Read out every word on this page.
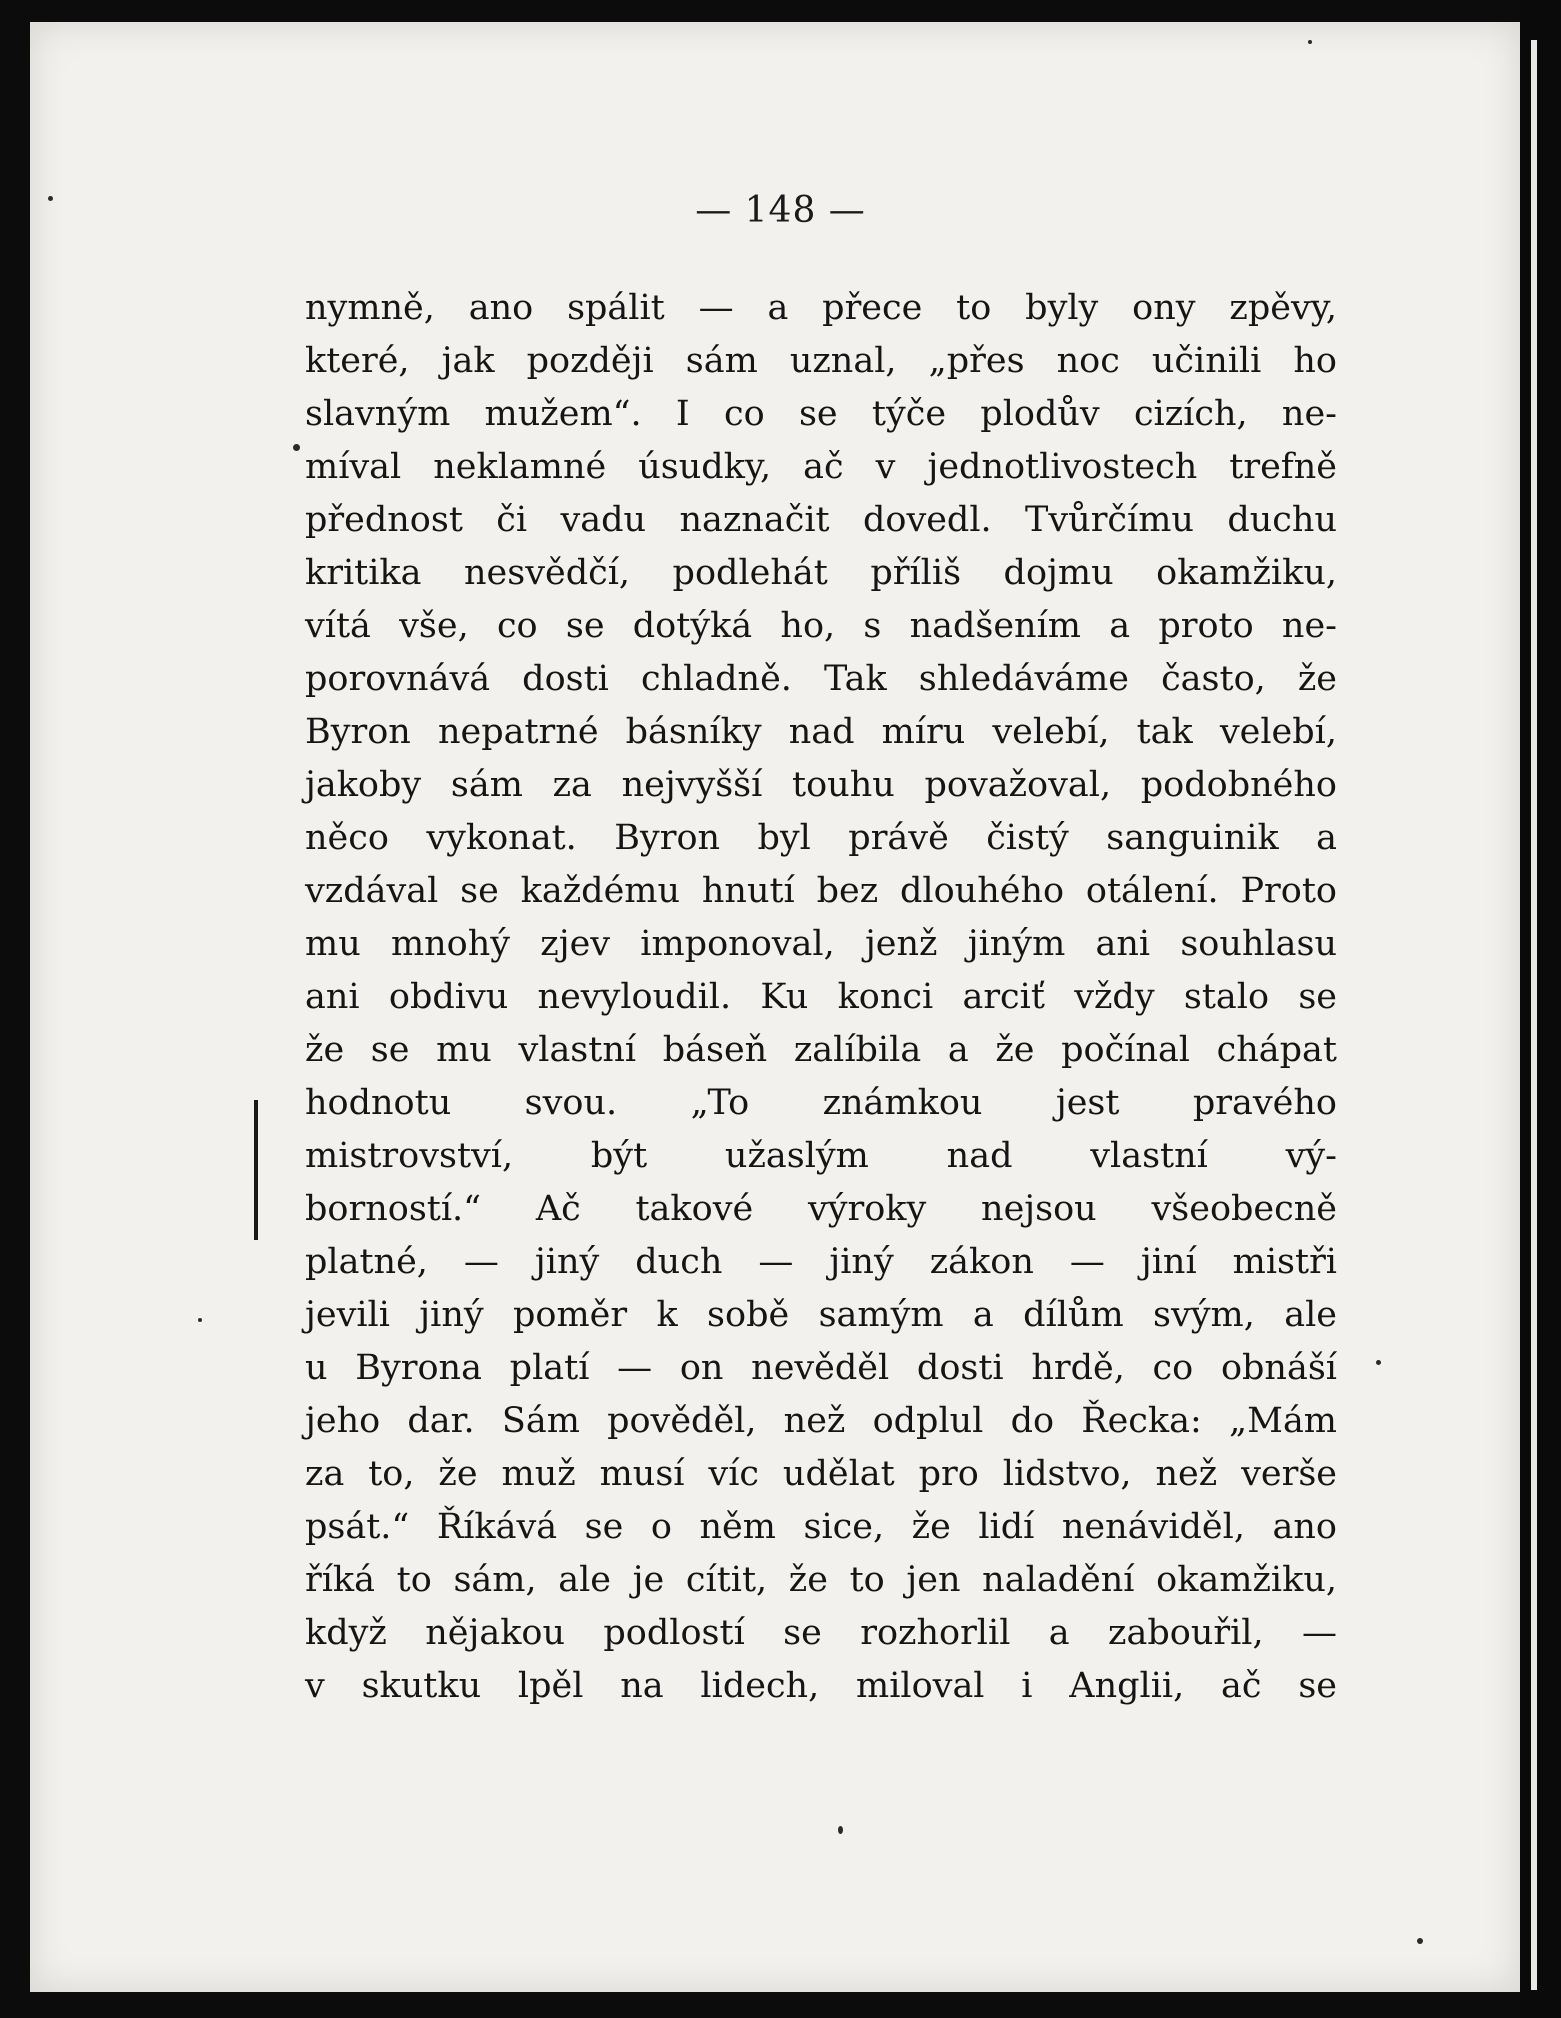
— 148 —
nymně, ano spálit — a přece to byly ony zpěvy,
které, jak později sám uznal, „přes noc učinili ho
slavným mužem“. I co se týče plodův cizích, ne-
míval neklamné úsudky, ač v jednotlivostech trefně
přednost či vadu naznačit dovedl. Tvůrčímu duchu
kritika nesvědčí, podlehát příliš dojmu okamžiku,
vítá vše, co se dotýká ho, s nadšením a proto ne-
porovnává dosti chladně. Tak shledáváme často, že
Byron nepatrné básníky nad míru velebí, tak velebí,
jakoby sám za nejvyšší touhu považoval, podobného
něco vykonat. Byron byl právě čistý sanguinik a
vzdával se každému hnutí bez dlouhého otálení. Proto
mu mnohý zjev imponoval, jenž jiným ani souhlasu
ani obdivu nevyloudil. Ku konci arciť vždy stalo se
že se mu vlastní báseň zalíbila a že počínal chápat
hodnotu svou. „To známkou jest pravého
mistrovství, být užaslým nad vlastní vý-
borností.“ Ač takové výroky nejsou všeobecně
platné, — jiný duch — jiný zákon — jiní mistři
jevili jiný poměr k sobě samým a dílům svým, ale
u Byrona platí — on nevěděl dosti hrdě, co obnáší
jeho dar. Sám pověděl, než odplul do Řecka: „Mám
za to, že muž musí víc udělat pro lidstvo, než verše
psát.“ Říkává se o něm sice, že lidí nenáviděl, ano
říká to sám, ale je cítit, že to jen naladění okamžiku,
když nějakou podlostí se rozhorlil a zabouřil, —
v skutku lpěl na lidech, miloval i Anglii, ač se
